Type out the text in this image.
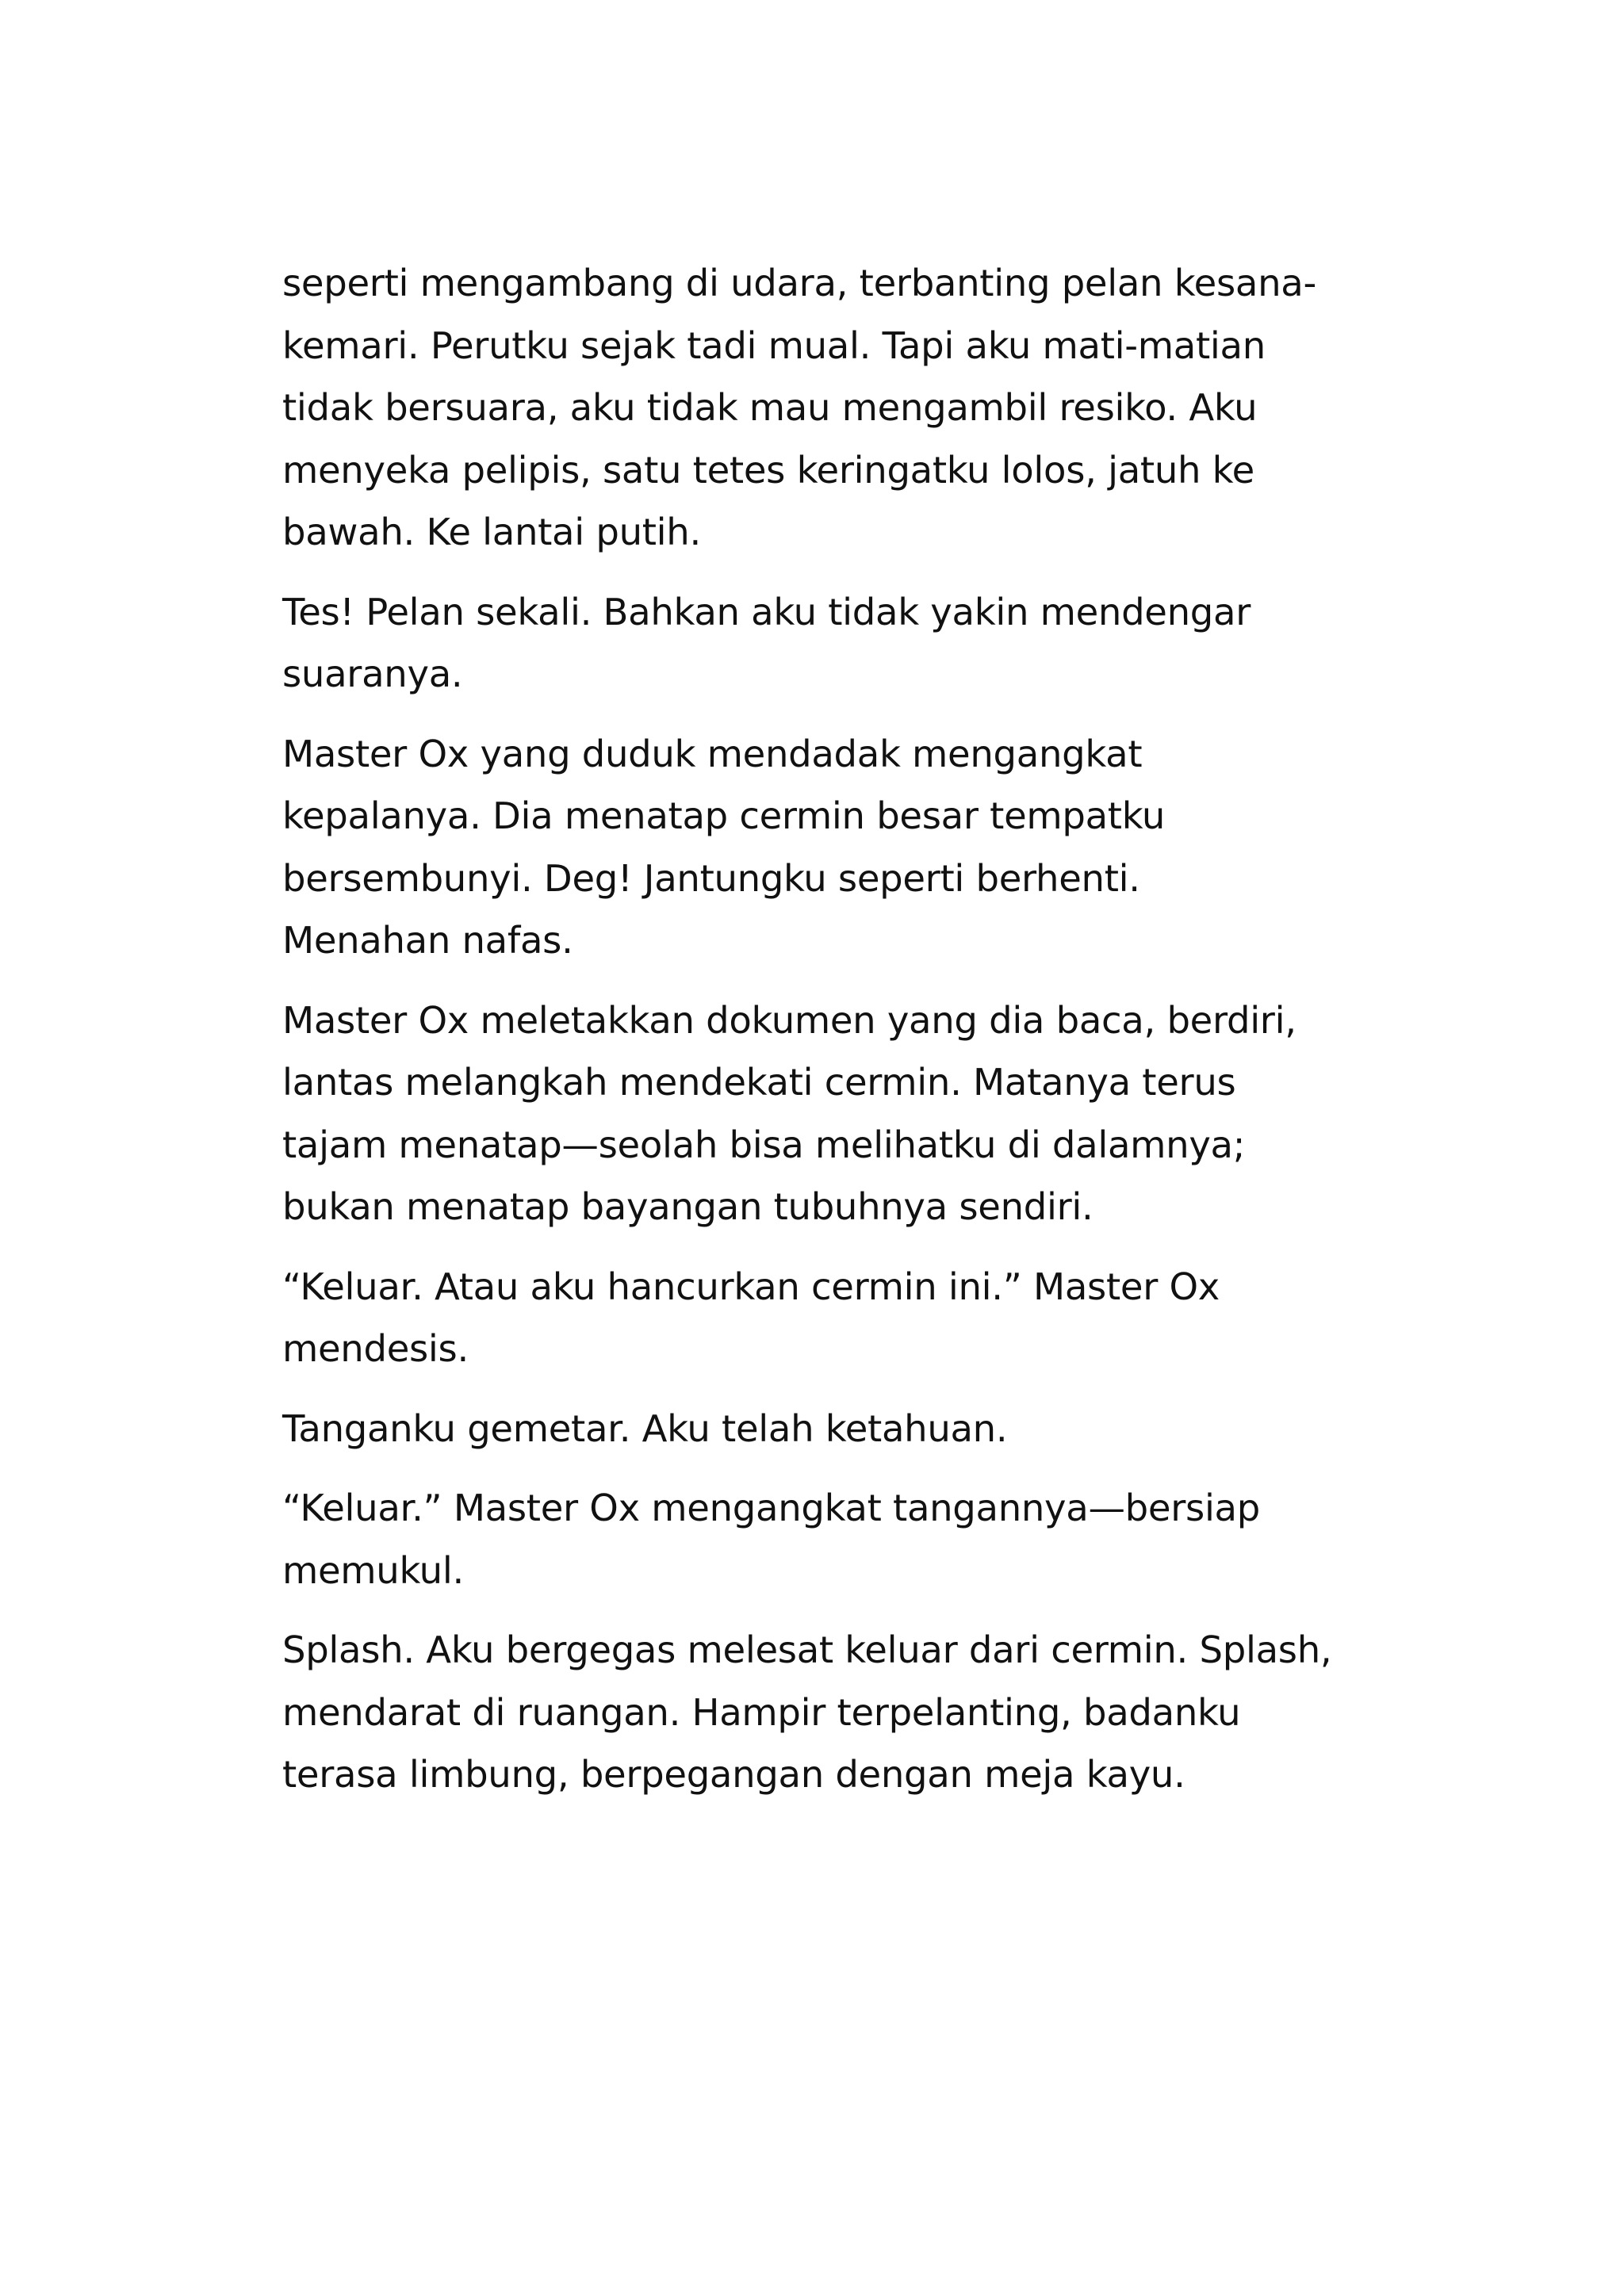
seperti mengambang di udara, terbanting pelan kesana-
kemari. Perutku sejak tadi mual. Tapi aku mati-matian
tidak bersuara, aku tidak mau mengambil resiko. Aku
menyeka pelipis, satu tetes keringatku lolos, jatuh ke
bawah. Ke lantai putih.

Tes! Pelan sekali. Bahkan aku tidak yakin mendengar
suaranya.

Master Ox yang duduk mendadak mengangkat
kepalanya. Dia menatap cermin besar tempatku
bersembunyi. Deg! Jantungku seperti berhenti.
Menahan nafas.

Master Ox meletakkan dokumen yang dia baca, berdiri,
lantas melangkah mendekati cermin. Matanya terus
tajam menatap—seolah bisa melihatku di dalamnya;
bukan menatap bayangan tubuhnya sendiri.

“Keluar. Atau aku hancurkan cermin ini.” Master Ox
mendesis.

Tanganku gemetar. Aku telah ketahuan.

“Keluar.” Master Ox mengangkat tangannya—bersiap
memukul.

Splash. Aku bergegas melesat keluar dari cermin. Splash,
mendarat di ruangan. Hampir terpelanting, badanku
terasa limbung, berpegangan dengan meja kayu.
